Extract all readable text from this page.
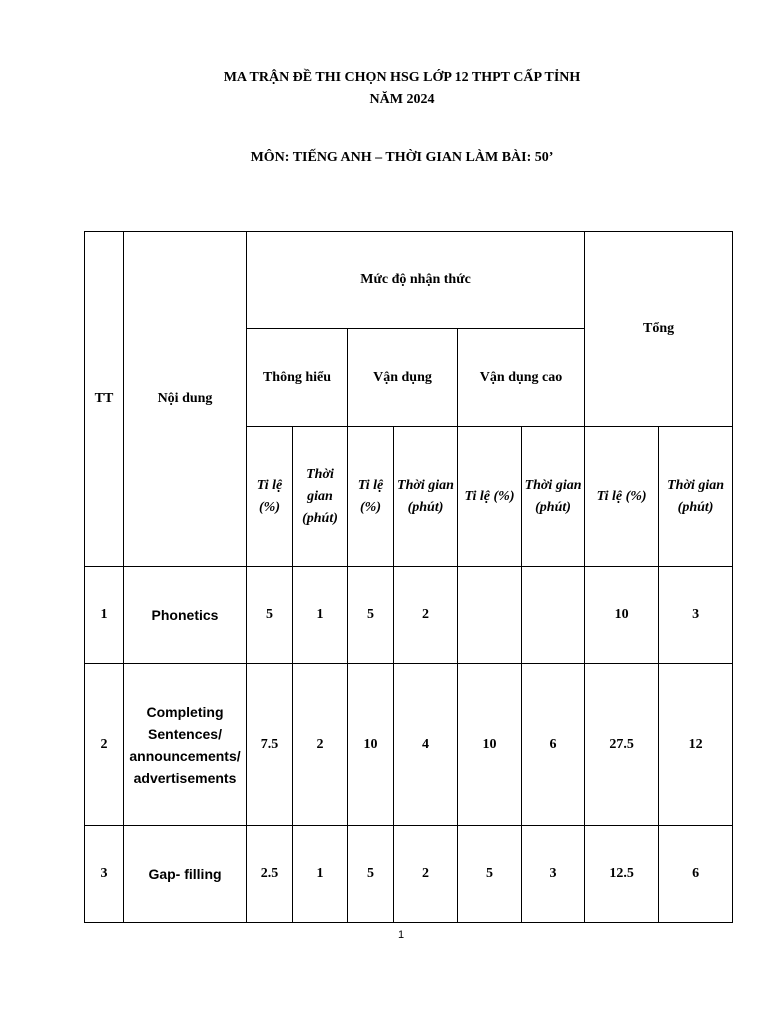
MA TRẬN ĐỀ THI CHỌN HSG LỚP 12 THPT CẤP TỈNH
NĂM 2024
MÔN: TIẾNG ANH – THỜI GIAN LÀM BÀI: 50’
TT	Nội dung	Mức độ nhận thức						Tổng	
		Thông hiểu		Vận dụng		Vận dụng cao			
		Ti lệ (%)	Thời gian (phút)	Ti lệ (%)	Thời gian (phút)	Ti lệ (%)	Thời gian (phút)	Ti lệ (%)	Thời gian (phút)
1	Phonetics	5	1	5	2			10	3
2	Completing Sentences/ announcements/ advertisements	7.5	2	10	4	10	6	27.5	12
3	Gap- filling	2.5	1	5	2	5	3	12.5	6
1
